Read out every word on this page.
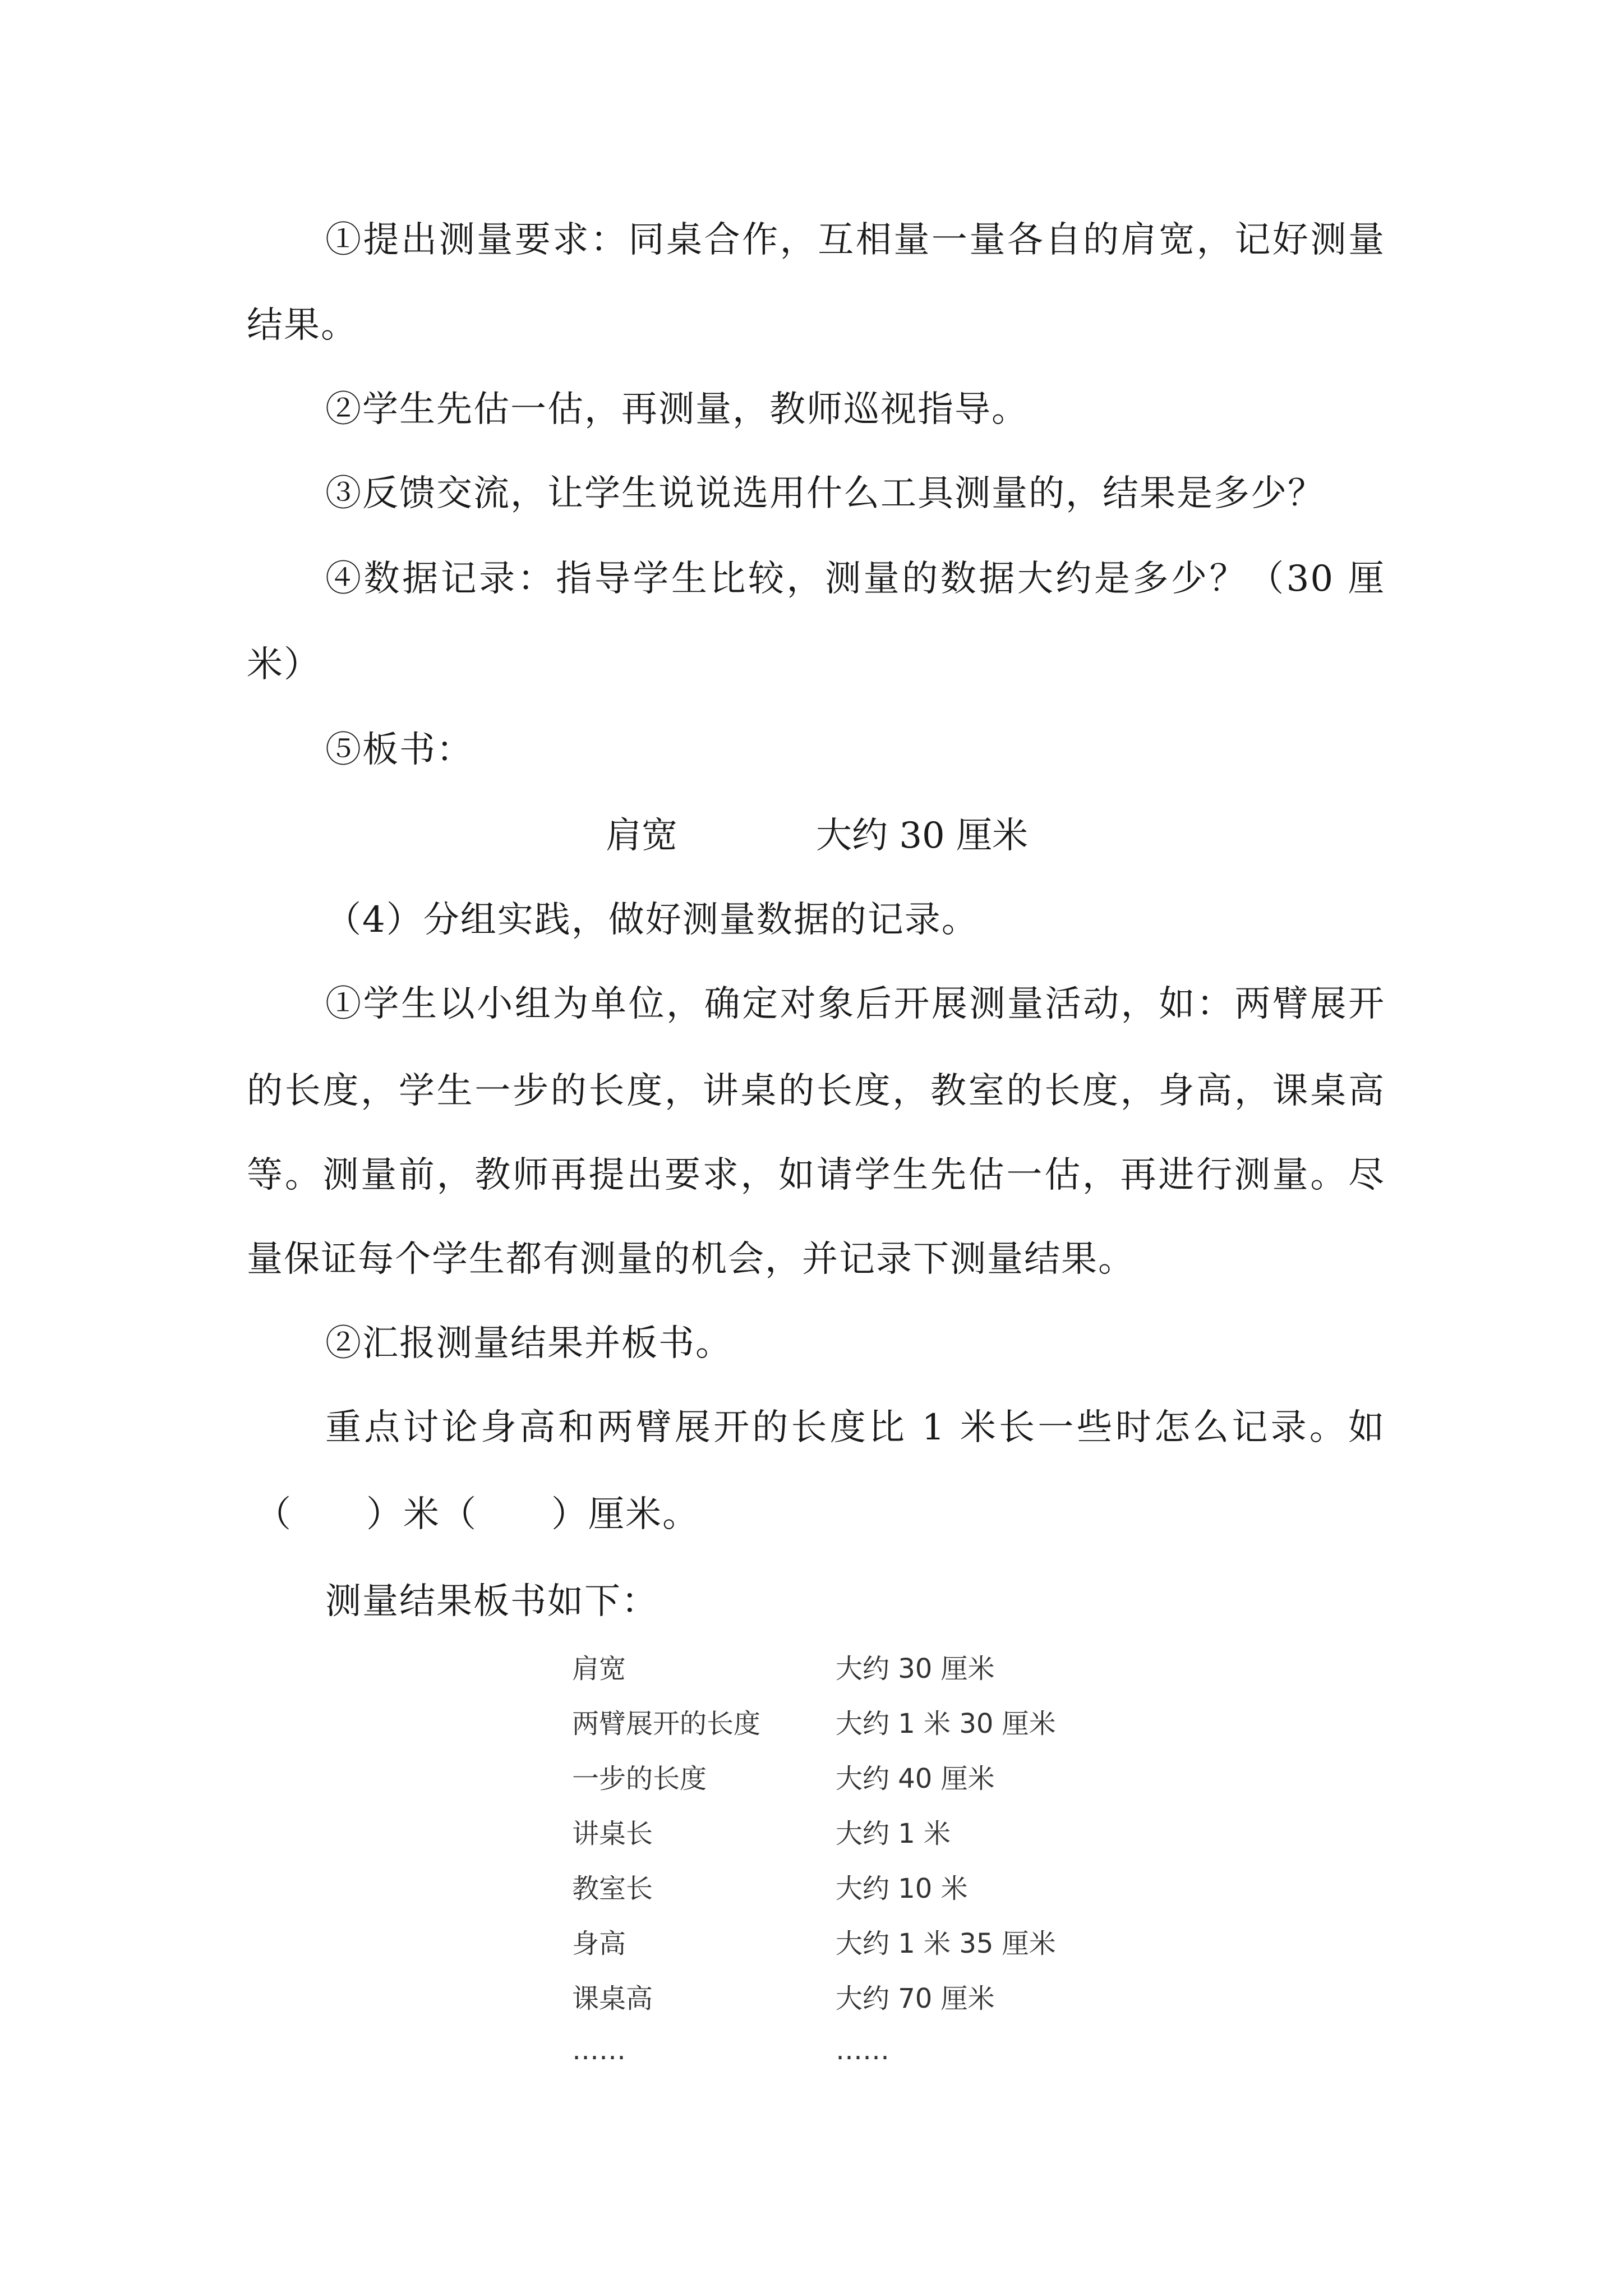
①提出测量要求：同桌合作，互相量一量各自的肩宽，记好测量
结果。
②学生先估一估，再测量，教师巡视指导。
③反馈交流，让学生说说选用什么工具测量的，结果是多少？
④数据记录：指导学生比较，测量的数据大约是多少？（30 厘
米）
⑤板书：
肩宽	大约 30 厘米
（4）分组实践，做好测量数据的记录。
①学生以小组为单位，确定对象后开展测量活动，如：两臂展开
的长度，学生一步的长度，讲桌的长度，教室的长度，身高，课桌高
等。测量前，教师再提出要求，如请学生先估一估，再进行测量。尽
量保证每个学生都有测量的机会，并记录下测量结果。
②汇报测量结果并板书。
重点讨论身高和两臂展开的长度比 1 米长一些时怎么记录。如
（　　）米（　　）厘米。
测量结果板书如下：
肩宽	大约 30 厘米
两臂展开的长度	大约 1 米 30 厘米
一步的长度	大约 40 厘米
讲桌长	大约 1 米
教室长	大约 10 米
身高	大约 1 米 35 厘米
课桌高	大约 70 厘米
……	……
